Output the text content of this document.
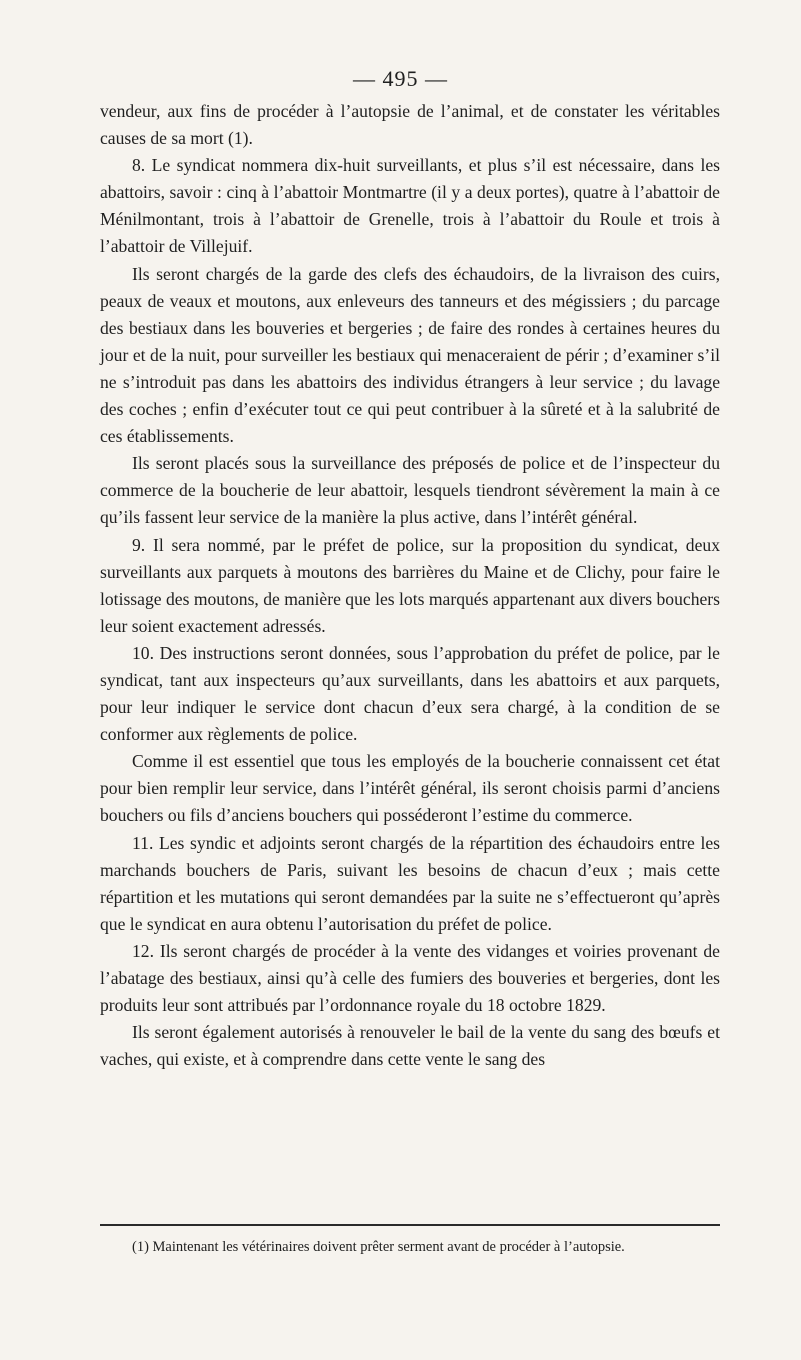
— 495 —

vendeur, aux fins de procéder à l’autopsie de l’animal, et de constater les véritables causes de sa mort (1).

8. Le syndicat nommera dix-huit surveillants, et plus s’il est nécessaire, dans les abattoirs, savoir : cinq à l’abattoir Montmartre (il y a deux portes), quatre à l’abattoir de Ménilmontant, trois à l’abattoir de Grenelle, trois à l’abattoir du Roule et trois à l’abattoir de Villejuif.

Ils seront chargés de la garde des clefs des échaudoirs, de la livraison des cuirs, peaux de veaux et moutons, aux enleveurs des tanneurs et des mégissiers ; du parcage des bestiaux dans les bouveries et bergeries ; de faire des rondes à certaines heures du jour et de la nuit, pour surveiller les bestiaux qui menaceraient de périr ; d’examiner s’il ne s’introduit pas dans les abattoirs des individus étrangers à leur service ; du lavage des coches ; enfin d’exécuter tout ce qui peut contribuer à la sûreté et à la salubrité de ces établissements.

Ils seront placés sous la surveillance des préposés de police et de l’inspecteur du commerce de la boucherie de leur abattoir, lesquels tiendront sévèrement la main à ce qu’ils fassent leur service de la manière la plus active, dans l’intérêt général.

9. Il sera nommé, par le préfet de police, sur la proposition du syndicat, deux surveillants aux parquets à moutons des barrières du Maine et de Clichy, pour faire le lotissage des moutons, de manière que les lots marqués appartenant aux divers bouchers leur soient exactement adressés.

10. Des instructions seront données, sous l’approbation du préfet de police, par le syndicat, tant aux inspecteurs qu’aux surveillants, dans les abattoirs et aux parquets, pour leur indiquer le service dont chacun d’eux sera chargé, à la condition de se conformer aux règlements de police.

Comme il est essentiel que tous les employés de la boucherie connaissent cet état pour bien remplir leur service, dans l’intérêt général, ils seront choisis parmi d’anciens bouchers ou fils d’anciens bouchers qui posséderont l’estime du commerce.

11. Les syndic et adjoints seront chargés de la répartition des échaudoirs entre les marchands bouchers de Paris, suivant les besoins de chacun d’eux ; mais cette répartition et les mutations qui seront demandées par la suite ne s’effectueront qu’après que le syndicat en aura obtenu l’autorisation du préfet de police.

12. Ils seront chargés de procéder à la vente des vidanges et voiries provenant de l’abatage des bestiaux, ainsi qu’à celle des fumiers des bouveries et bergeries, dont les produits leur sont attribués par l’ordonnance royale du 18 octobre 1829.

Ils seront également autorisés à renouveler le bail de la vente du sang des bœufs et vaches, qui existe, et à comprendre dans cette vente le sang des

(1) Maintenant les vétérinaires doivent prêter serment avant de procéder à l’autopsie.
